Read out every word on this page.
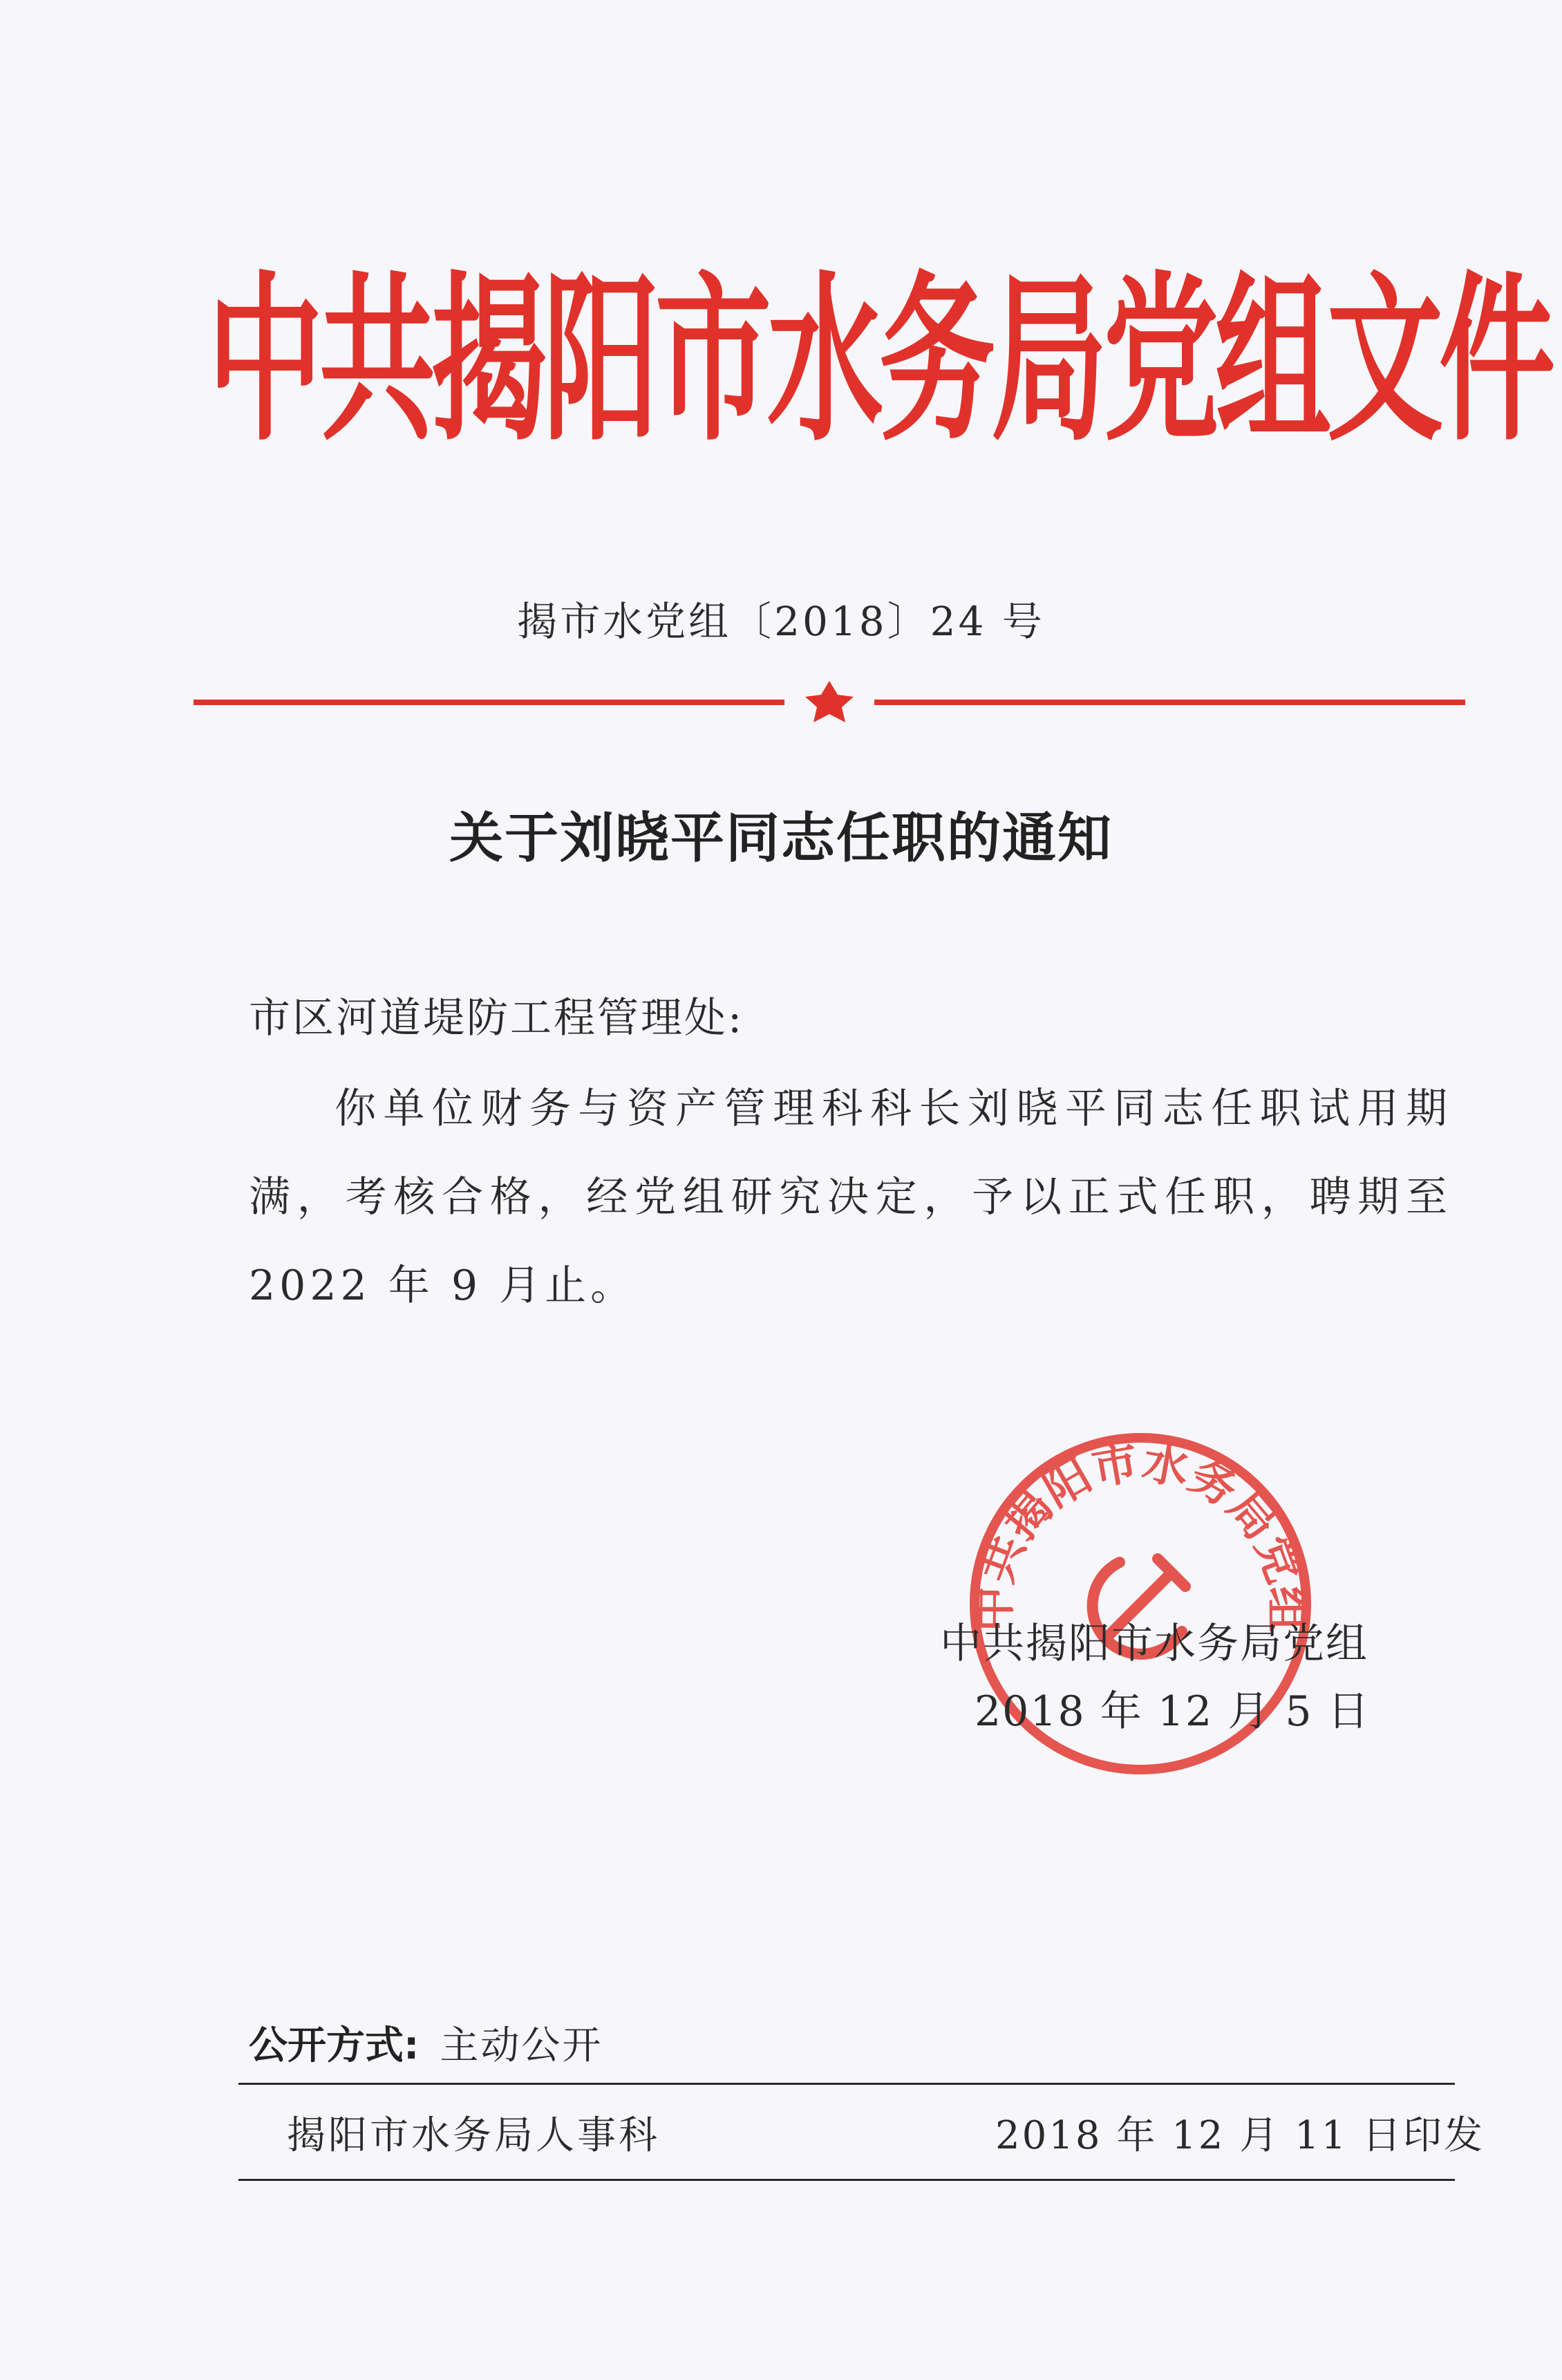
中共揭阳市水务局党组文件
揭市水党组〔2018〕24 号
关于刘晓平同志任职的通知
市区河道堤防工程管理处:

你单位财务与资产管理科科长刘晓平同志任职试用期满，考核合格，经党组研究决定，予以正式任职，聘期至 2022 年 9 月止。

中共揭阳市水务局党组
中共揭阳市水务局党组
2018 年 12 月 5 日
公开方式: 主动公开
揭阳市水务局人事科	2018 年 12 月 11 日印发
